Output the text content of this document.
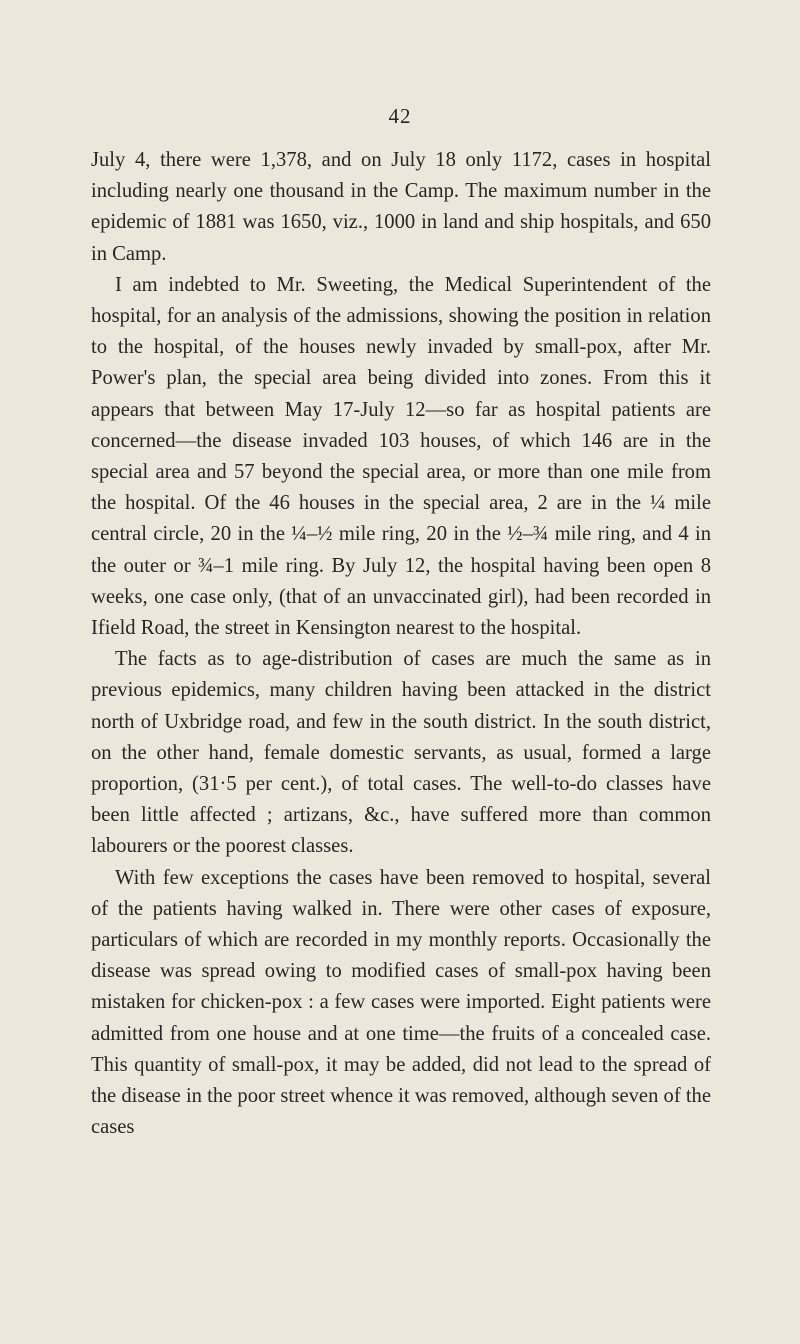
42

July 4, there were 1,378, and on July 18 only 1172, cases in hospital including nearly one thousand in the Camp. The maximum number in the epidemic of 1881 was 1650, viz., 1000 in land and ship hospitals, and 650 in Camp.

I am indebted to Mr. Sweeting, the Medical Superintendent of the hospital, for an analysis of the admissions, showing the position in relation to the hospital, of the houses newly invaded by small-pox, after Mr. Power's plan, the special area being divided into zones. From this it appears that between May 17-July 12—so far as hospital patients are concerned—the disease invaded 103 houses, of which 146 are in the special area and 57 beyond the special area, or more than one mile from the hospital. Of the 46 houses in the special area, 2 are in the ¼ mile central circle, 20 in the ¼–½ mile ring, 20 in the ½–¾ mile ring, and 4 in the outer or ¾–1 mile ring. By July 12, the hospital having been open 8 weeks, one case only, (that of an unvaccinated girl), had been recorded in Ifield Road, the street in Kensington nearest to the hospital.

The facts as to age-distribution of cases are much the same as in previous epidemics, many children having been attacked in the district north of Uxbridge road, and few in the south district. In the south district, on the other hand, female domestic servants, as usual, formed a large proportion, (31·5 per cent.), of total cases. The well-to-do classes have been little affected ; artizans, &c., have suffered more than common labourers or the poorest classes.

With few exceptions the cases have been removed to hospital, several of the patients having walked in. There were other cases of exposure, particulars of which are recorded in my monthly reports. Occasionally the disease was spread owing to modified cases of small-pox having been mistaken for chicken-pox : a few cases were imported. Eight patients were admitted from one house and at one time—the fruits of a concealed case. This quantity of small-pox, it may be added, did not lead to the spread of the disease in the poor street whence it was removed, although seven of the cases
